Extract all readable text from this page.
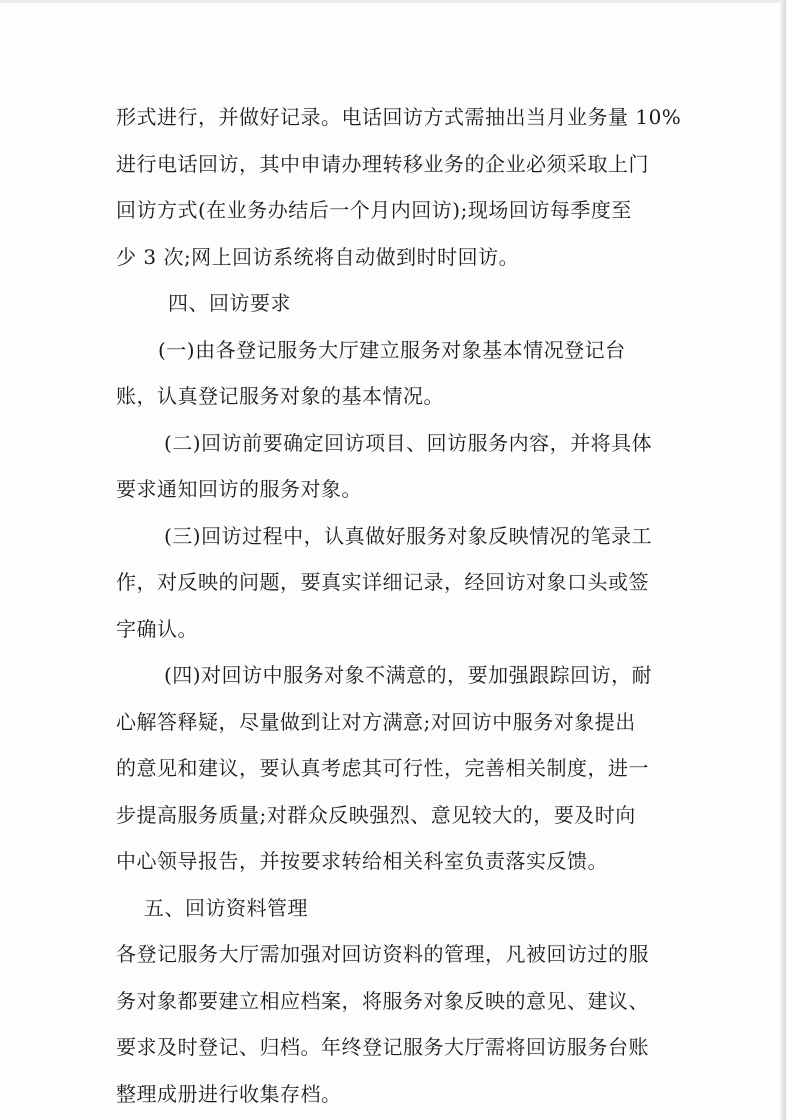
形式进行，并做好记录。电话回访方式需抽出当月业务量 10%
进行电话回访，其中申请办理转移业务的企业必须采取上门
回访方式(在业务办结后一个月内回访);现场回访每季度至
少 3 次;网上回访系统将自动做到时时回访。
四、回访要求
(一)由各登记服务大厅建立服务对象基本情况登记台
账，认真登记服务对象的基本情况。
(二)回访前要确定回访项目、回访服务内容，并将具体
要求通知回访的服务对象。
(三)回访过程中，认真做好服务对象反映情况的笔录工
作，对反映的问题，要真实详细记录，经回访对象口头或签
字确认。
(四)对回访中服务对象不满意的，要加强跟踪回访，耐
心解答释疑，尽量做到让对方满意;对回访中服务对象提出
的意见和建议，要认真考虑其可行性，完善相关制度，进一
步提高服务质量;对群众反映强烈、意见较大的，要及时向
中心领导报告，并按要求转给相关科室负责落实反馈。
五、回访资料管理
各登记服务大厅需加强对回访资料的管理，凡被回访过的服
务对象都要建立相应档案，将服务对象反映的意见、建议、
要求及时登记、归档。年终登记服务大厅需将回访服务台账
整理成册进行收集存档。
